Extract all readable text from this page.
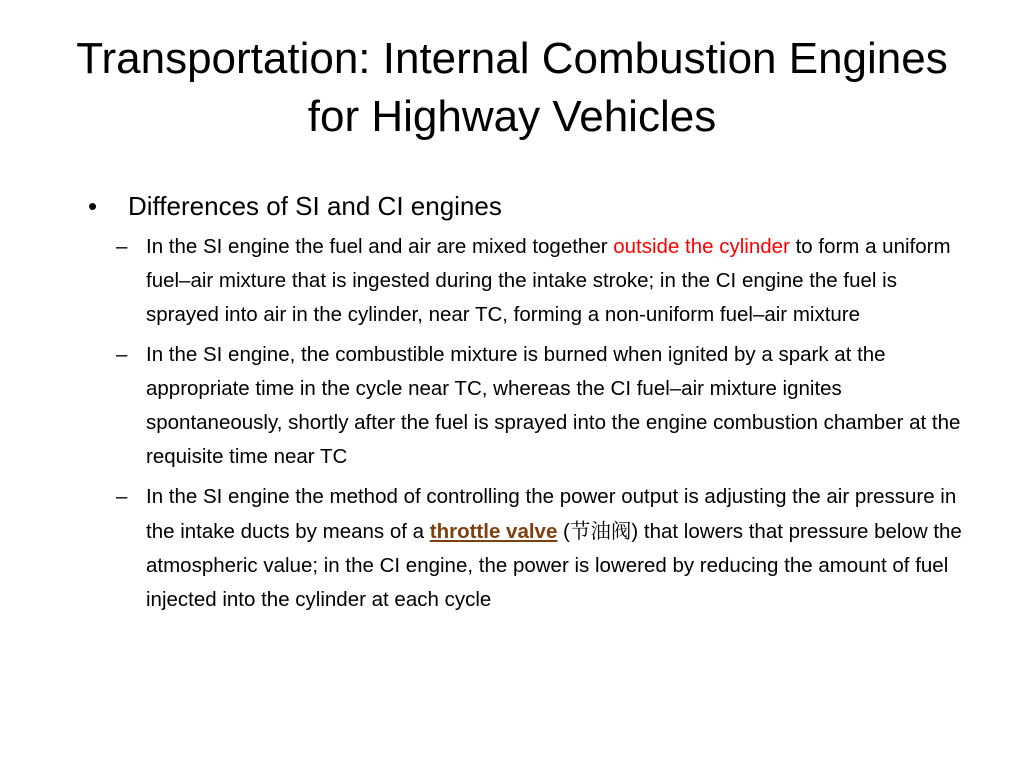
Transportation: Internal Combustion Engines for Highway Vehicles
• Differences of SI and CI engines
– In the SI engine the fuel and air are mixed together outside the cylinder to form a uniform fuel–air mixture that is ingested during the intake stroke; in the CI engine the fuel is sprayed into air in the cylinder, near TC, forming a non-uniform fuel–air mixture
– In the SI engine, the combustible mixture is burned when ignited by a spark at the appropriate time in the cycle near TC, whereas the CI fuel–air mixture ignites spontaneously, shortly after the fuel is sprayed into the engine combustion chamber at the requisite time near TC
– In the SI engine the method of controlling the power output is adjusting the air pressure in the intake ducts by means of a throttle valve (节油阀) that lowers that pressure below the atmospheric value; in the CI engine, the power is lowered by reducing the amount of fuel injected into the cylinder at each cycle
